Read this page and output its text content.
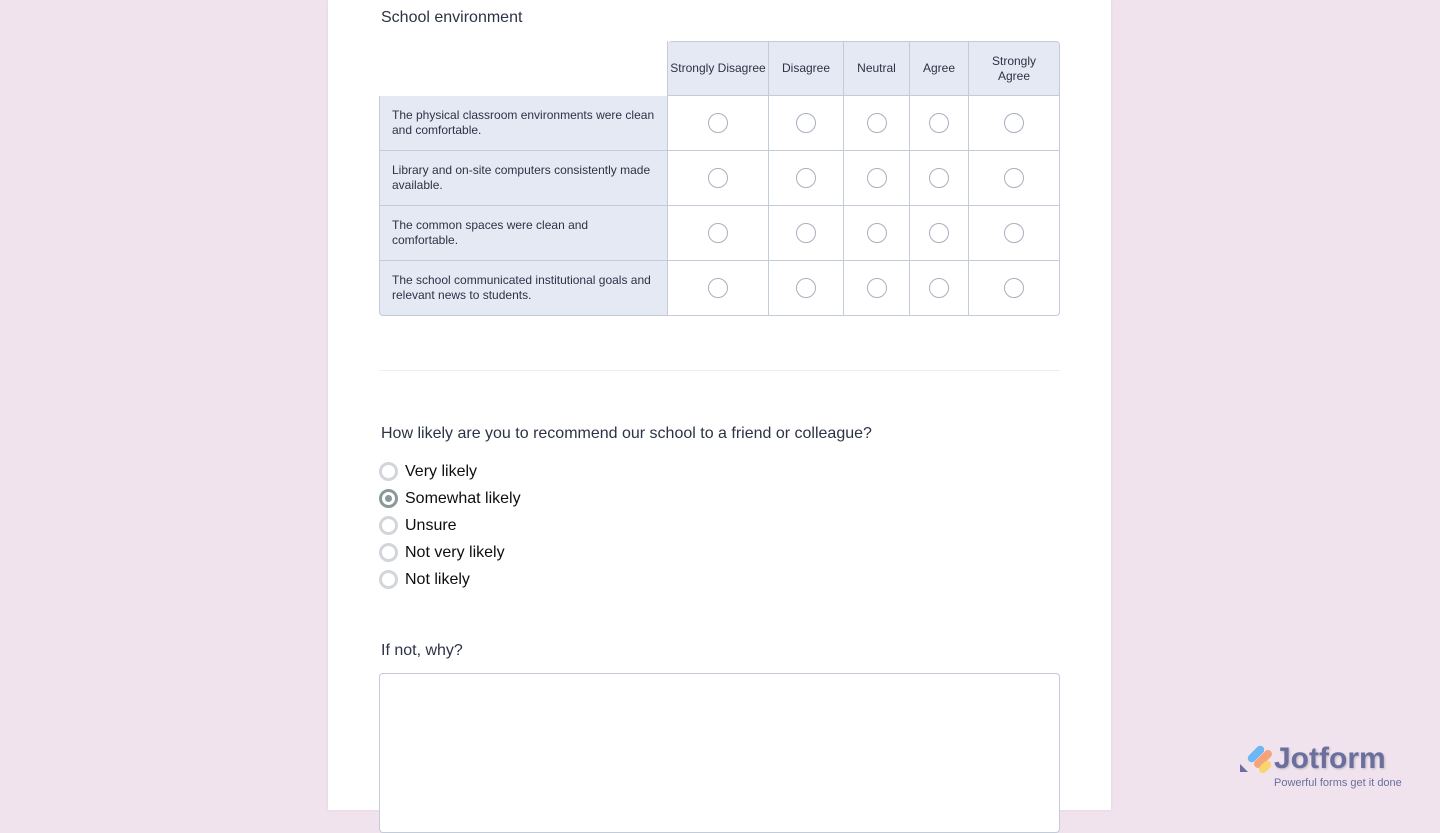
School environment
	Strongly Disagree	Disagree	Neutral	Agree	Strongly Agree
The physical classroom environments were clean and comfortable.					
Library and on-site computers consistently made available.					
The common spaces were clean and comfortable.					
The school communicated institutional goals and relevant news to students.					
How likely are you to recommend our school to a friend or colleague?
Very likely
Somewhat likely
Unsure
Not very likely
Not likely
If not, why?
Jotform
Powerful forms get it done
